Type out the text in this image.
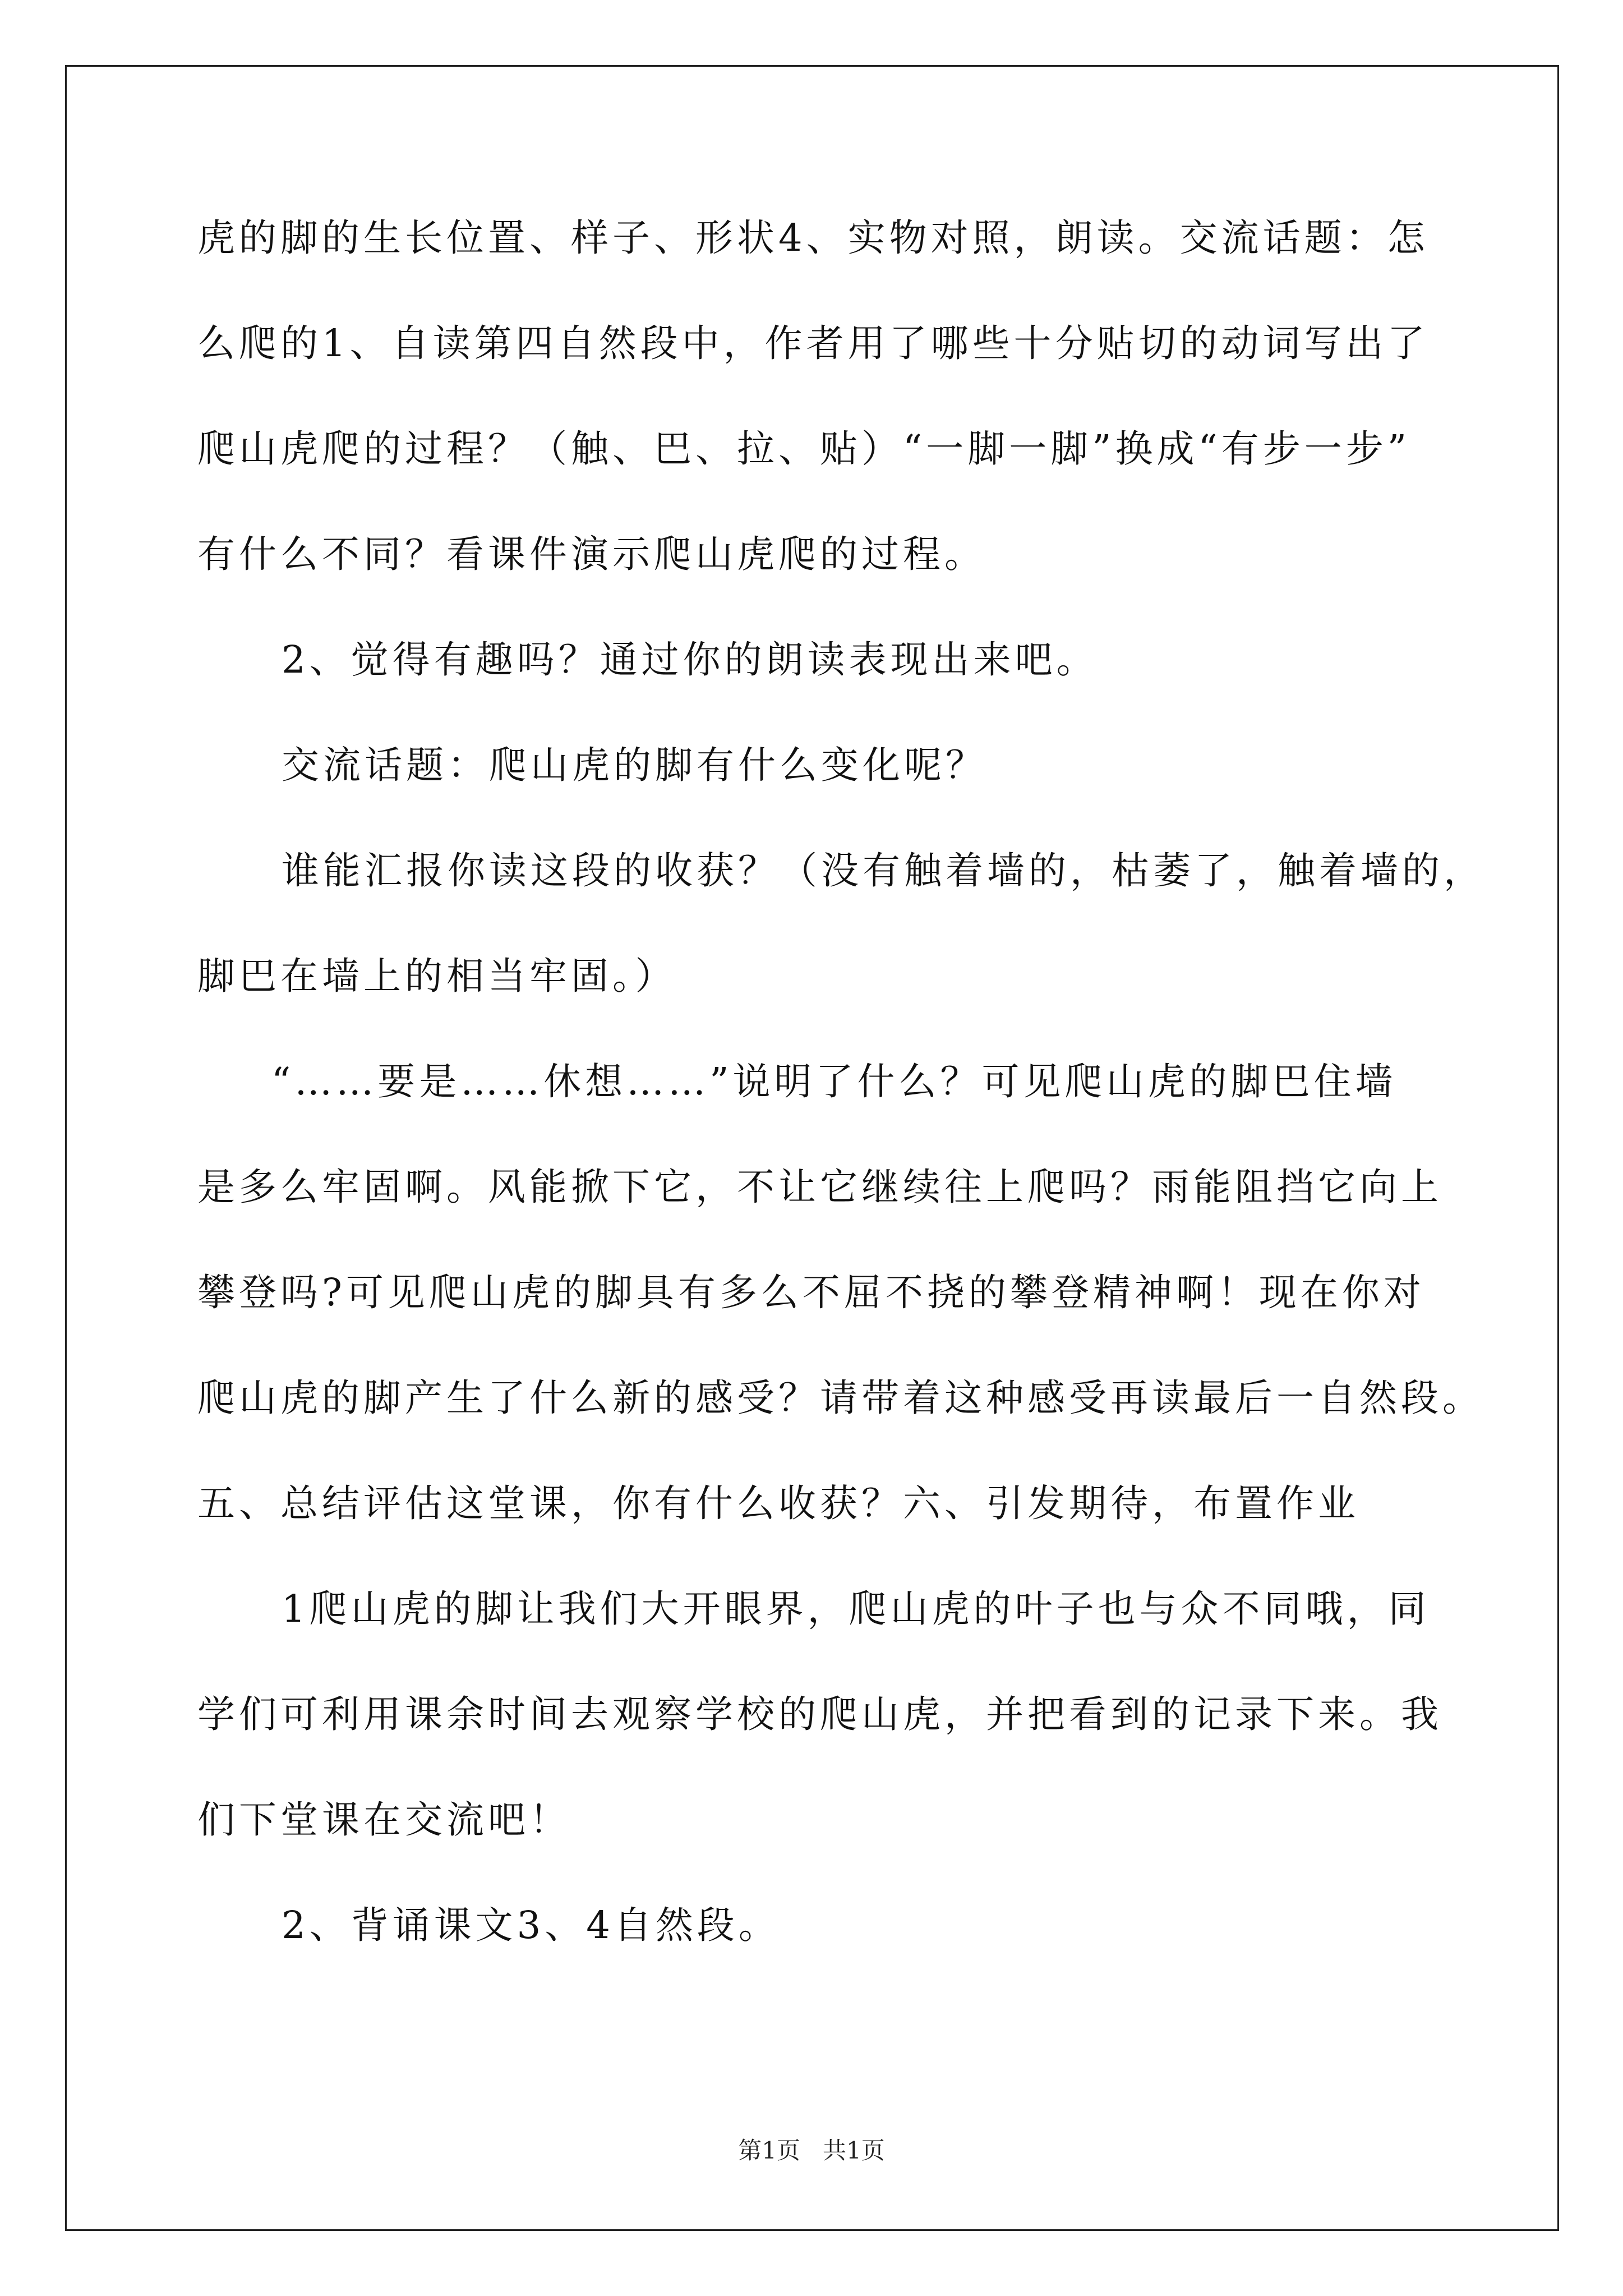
虎的脚的生长位置、样子、形状4、实物对照，朗读。交流话题：怎
么爬的1、自读第四自然段中，作者用了哪些十分贴切的动词写出了
爬山虎爬的过程？（触、巴、拉、贴）“一脚一脚”换成“有步一步”
有什么不同？看课件演示爬山虎爬的过程。
2、觉得有趣吗？通过你的朗读表现出来吧。
交流话题：爬山虎的脚有什么变化呢？
谁能汇报你读这段的收获？（没有触着墙的，枯萎了，触着墙的，
脚巴在墙上的相当牢固。）
“……要是……休想……”说明了什么？可见爬山虎的脚巴住墙
是多么牢固啊。风能掀下它，不让它继续往上爬吗？雨能阻挡它向上
攀登吗?可见爬山虎的脚具有多么不屈不挠的攀登精神啊！现在你对
爬山虎的脚产生了什么新的感受？请带着这种感受再读最后一自然段。
五、总结评估这堂课，你有什么收获？六、引发期待，布置作业
1爬山虎的脚让我们大开眼界，爬山虎的叶子也与众不同哦，同
学们可利用课余时间去观察学校的爬山虎，并把看到的记录下来。我
们下堂课在交流吧！
2、背诵课文3、4自然段。
第1页   共1页
